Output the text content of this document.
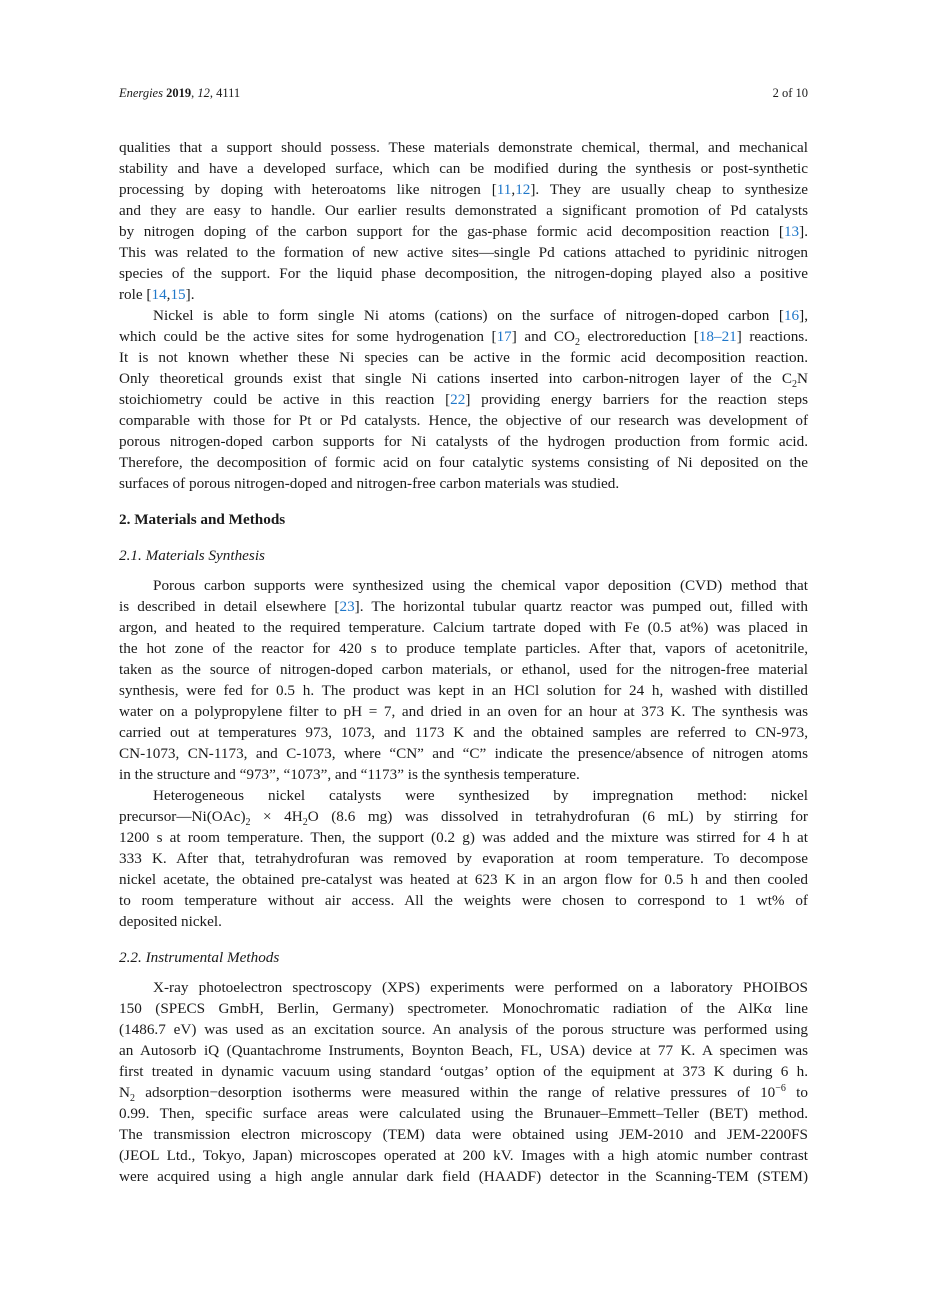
Energies 2019, 12, 4111	2 of 10
qualities that a support should possess. These materials demonstrate chemical, thermal, and mechanical
stability and have a developed surface, which can be modified during the synthesis or post-synthetic
processing by doping with heteroatoms like nitrogen [11,12]. They are usually cheap to synthesize
and they are easy to handle. Our earlier results demonstrated a significant promotion of Pd catalysts
by nitrogen doping of the carbon support for the gas-phase formic acid decomposition reaction [13].
This was related to the formation of new active sites—single Pd cations attached to pyridinic nitrogen
species of the support. For the liquid phase decomposition, the nitrogen-doping played also a positive
role [14,15].
Nickel is able to form single Ni atoms (cations) on the surface of nitrogen-doped carbon [16],
which could be the active sites for some hydrogenation [17] and $CO_2$ electroreduction [18–21] reactions.
It is not known whether these Ni species can be active in the formic acid decomposition reaction.
Only theoretical grounds exist that single Ni cations inserted into carbon-nitrogen layer of the $C_2N$
stoichiometry could be active in this reaction [22] providing energy barriers for the reaction steps
comparable with those for Pt or Pd catalysts. Hence, the objective of our research was development of
porous nitrogen-doped carbon supports for Ni catalysts of the hydrogen production from formic acid.
Therefore, the decomposition of formic acid on four catalytic systems consisting of Ni deposited on the
surfaces of porous nitrogen-doped and nitrogen-free carbon materials was studied.
2. Materials and Methods
2.1. Materials Synthesis
Porous carbon supports were synthesized using the chemical vapor deposition (CVD) method that
is described in detail elsewhere [23]. The horizontal tubular quartz reactor was pumped out, filled with
argon, and heated to the required temperature. Calcium tartrate doped with Fe (0.5 at%) was placed in
the hot zone of the reactor for 420 s to produce template particles. After that, vapors of acetonitrile,
taken as the source of nitrogen-doped carbon materials, or ethanol, used for the nitrogen-free material
synthesis, were fed for 0.5 h. The product was kept in an HCl solution for 24 h, washed with distilled
water on a polypropylene filter to pH = 7, and dried in an oven for an hour at 373 K. The synthesis was
carried out at temperatures 973, 1073, and 1173 K and the obtained samples are referred to CN-973,
CN-1073, CN-1173, and C-1073, where “CN” and “C” indicate the presence/absence of nitrogen atoms
in the structure and “973”, “1073”, and “1173” is the synthesis temperature.
Heterogeneous nickel catalysts were synthesized by impregnation method: nickel
$precursor—Ni(OAc)_2 \times 4H_2O$ (8.6 mg) was dissolved in tetrahydrofuran (6 mL) by stirring for
1200 s at room temperature. Then, the support (0.2 g) was added and the mixture was stirred for 4 h at
333 K. After that, tetrahydrofuran was removed by evaporation at room temperature. To decompose
nickel acetate, the obtained pre-catalyst was heated at 623 K in an argon flow for 0.5 h and then cooled
to room temperature without air access. All the weights were chosen to correspond to 1 wt% of
deposited nickel.
2.2. Instrumental Methods
X-ray photoelectron spectroscopy (XPS) experiments were performed on a laboratory PHOIBOS
150 (SPECS GmbH, Berlin, Germany) spectrometer. Monochromatic radiation of the AlKα line
(1486.7 eV) was used as an excitation source. An analysis of the porous structure was performed using
an Autosorb iQ (Quantachrome Instruments, Boynton Beach, FL, USA) device at 77 K. A specimen was
first treated in dynamic vacuum using standard ‘outgas’ option of the equipment at 373 K during 6 h.
$N_2$ adsorption−desorption isotherms were measured within the range of relative pressures of $10^{-6}$ to
0.99. Then, specific surface areas were calculated using the Brunauer–Emmett–Teller (BET) method.
The transmission electron microscopy (TEM) data were obtained using JEM-2010 and JEM-2200FS
(JEOL Ltd., Tokyo, Japan) microscopes operated at 200 kV. Images with a high atomic number contrast
were acquired using a high angle annular dark field (HAADF) detector in the Scanning-TEM (STEM)
